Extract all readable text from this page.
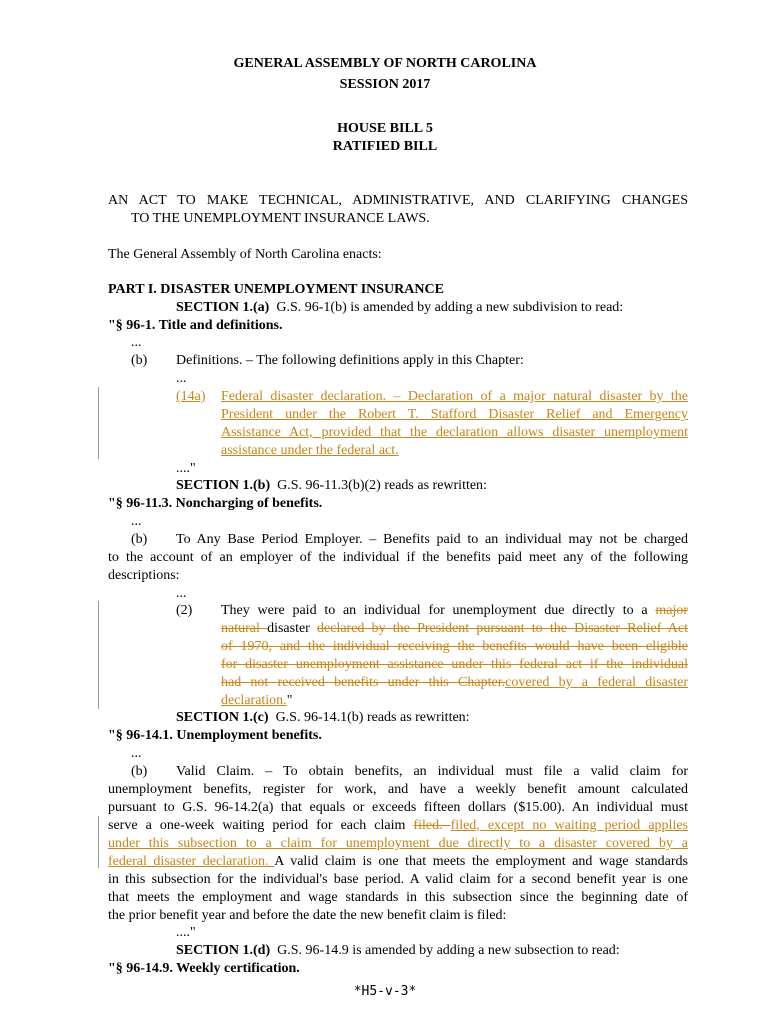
GENERAL ASSEMBLY OF NORTH CAROLINA
SESSION 2017
HOUSE BILL 5
RATIFIED BILL
AN ACT TO MAKE TECHNICAL, ADMINISTRATIVE, AND CLARIFYING CHANGES
TO THE UNEMPLOYMENT INSURANCE LAWS.
The General Assembly of North Carolina enacts:
PART I. DISASTER UNEMPLOYMENT INSURANCE
SECTION 1.(a) G.S. 96-1(b) is amended by adding a new subdivision to read:
"§ 96-1. Title and definitions.
...
(b) Definitions. – The following definitions apply in this Chapter:
...
(14a) Federal disaster declaration. – Declaration of a major natural disaster by the
President under the Robert T. Stafford Disaster Relief and Emergency
Assistance Act, provided that the declaration allows disaster unemployment
assistance under the federal act.
...."
SECTION 1.(b) G.S. 96-11.3(b)(2) reads as rewritten:
"§ 96-11.3. Noncharging of benefits.
...
(b) To Any Base Period Employer. – Benefits paid to an individual may not be charged
to the account of an employer of the individual if the benefits paid meet any of the following
descriptions:
...
(2) They were paid to an individual for unemployment due directly to a major
natural disaster declared by the President pursuant to the Disaster Relief Act
of 1970, and the individual receiving the benefits would have been eligible
for disaster unemployment assistance under this federal act if the individual
had not received benefits under this Chapter.covered by a federal disaster
declaration."
SECTION 1.(c) G.S. 96-14.1(b) reads as rewritten:
"§ 96-14.1. Unemployment benefits.
...
(b) Valid Claim. – To obtain benefits, an individual must file a valid claim for
unemployment benefits, register for work, and have a weekly benefit amount calculated
pursuant to G.S. 96-14.2(a) that equals or exceeds fifteen dollars ($15.00). An individual must
serve a one-week waiting period for each claim filed. filed, except no waiting period applies
under this subsection to a claim for unemployment due directly to a disaster covered by a
federal disaster declaration. A valid claim is one that meets the employment and wage standards
in this subsection for the individual's base period. A valid claim for a second benefit year is one
that meets the employment and wage standards in this subsection since the beginning date of
the prior benefit year and before the date the new benefit claim is filed:
...."
SECTION 1.(d) G.S. 96-14.9 is amended by adding a new subsection to read:
"§ 96-14.9. Weekly certification.
*H5-v-3*
